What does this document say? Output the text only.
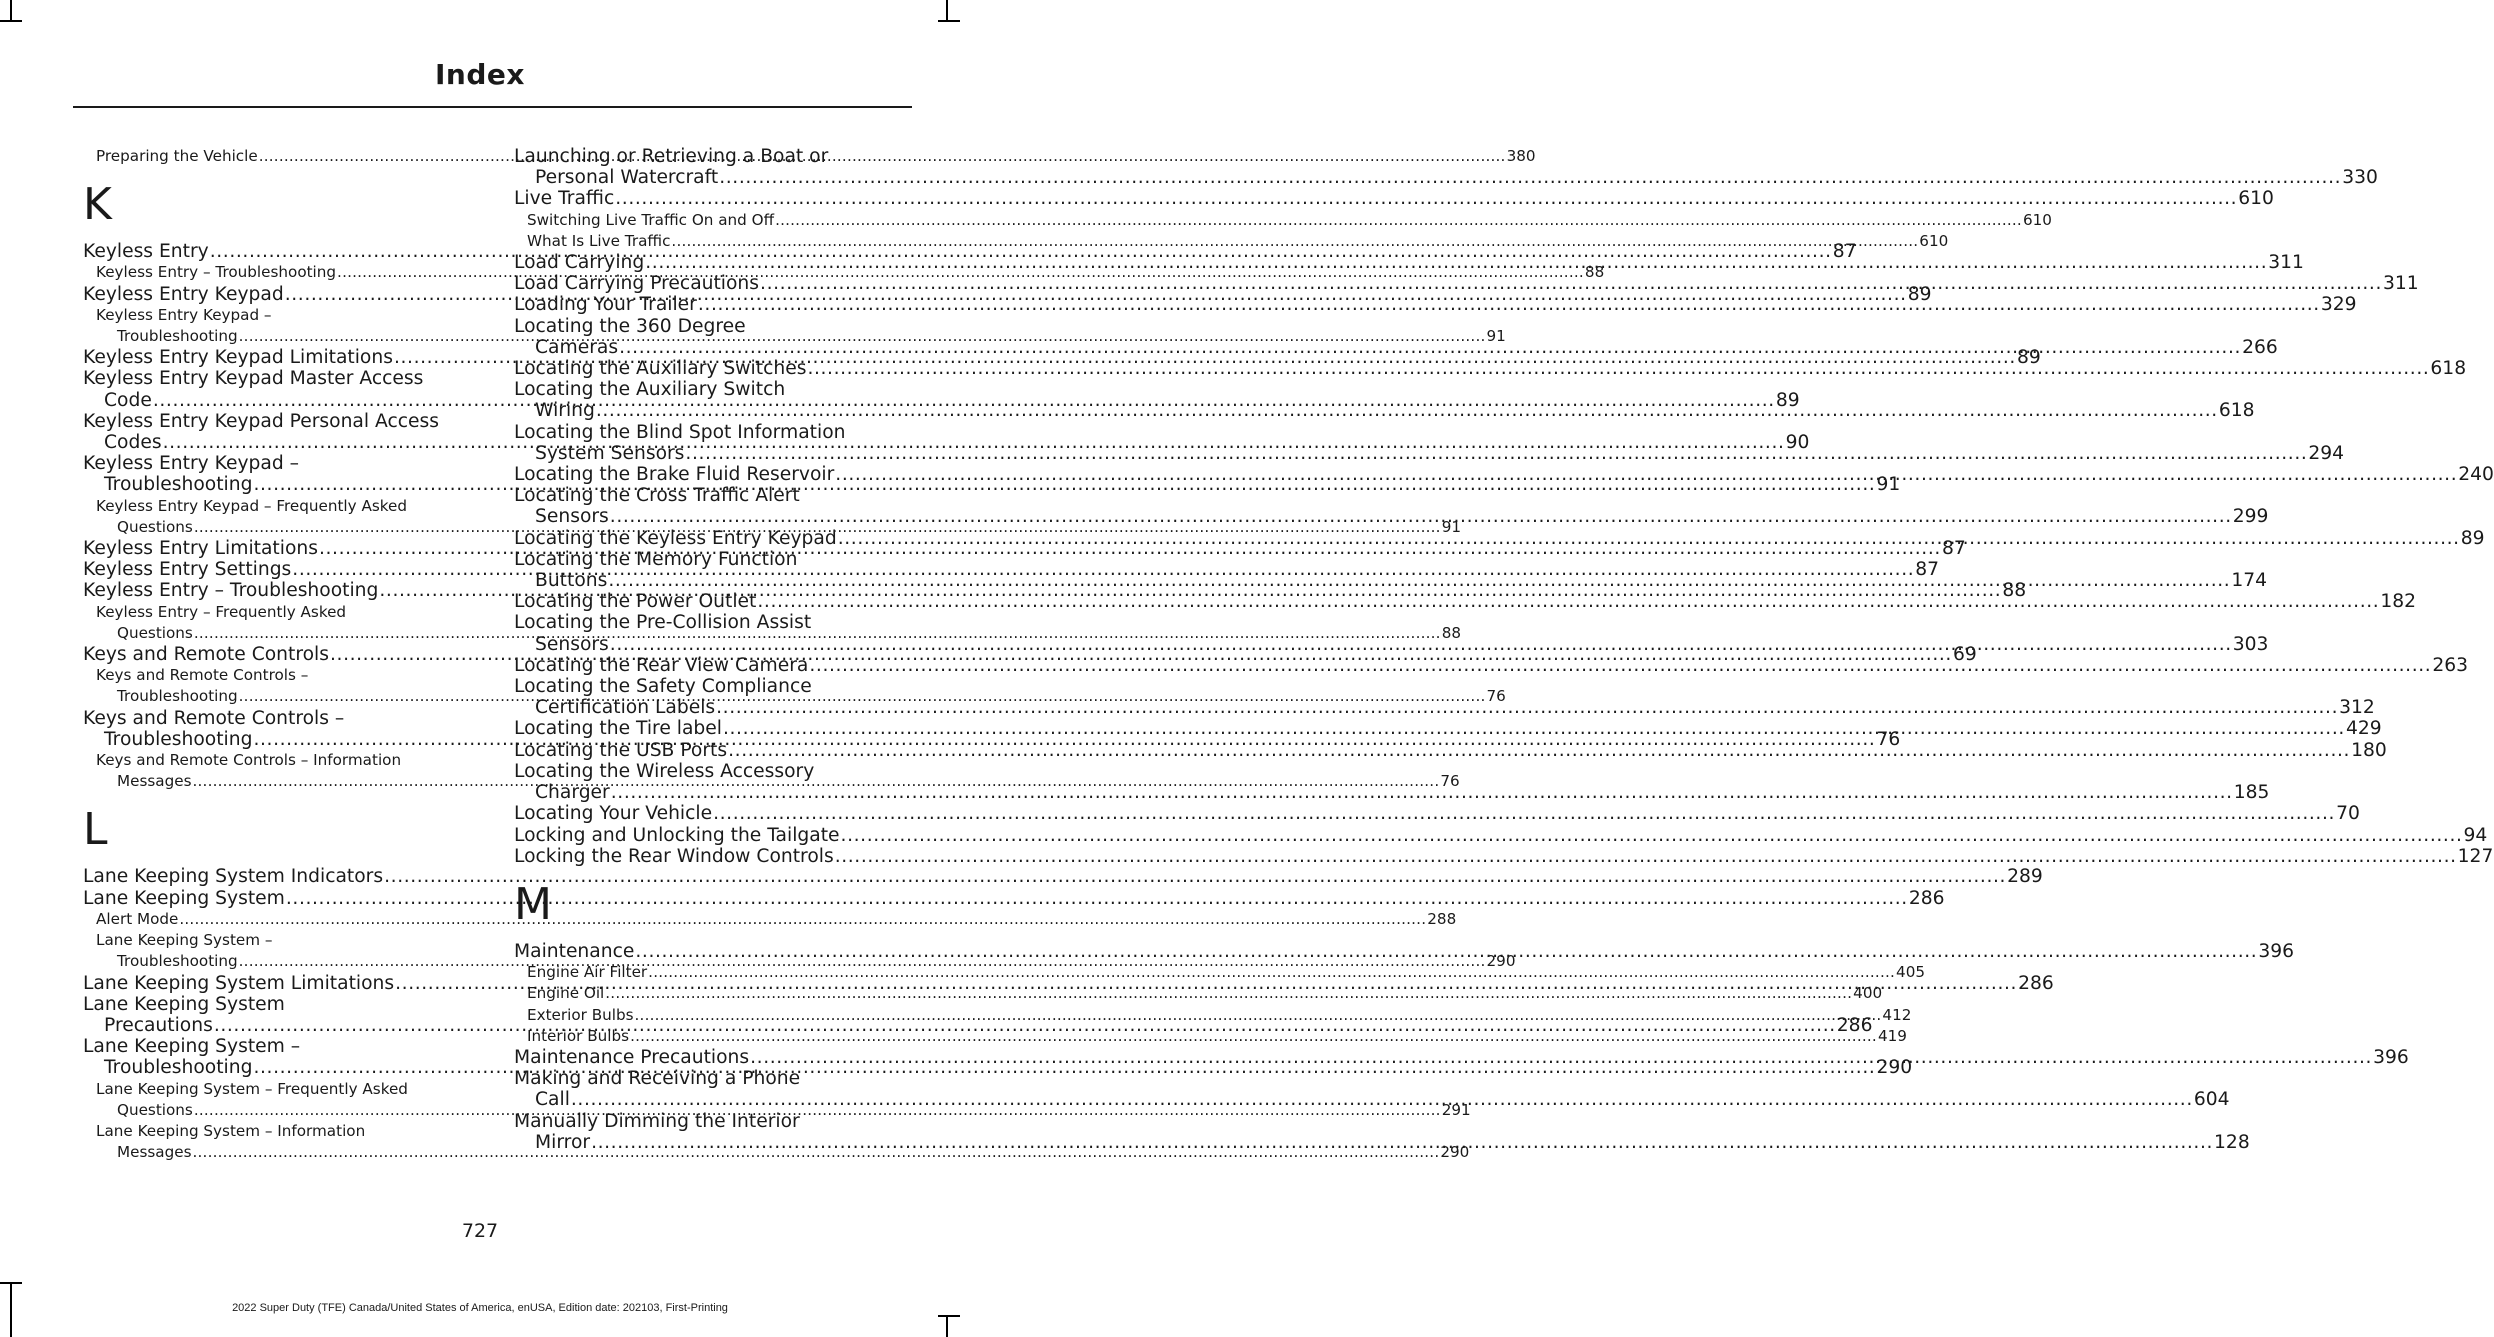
Index
Preparing the Vehicle .....	380
K
Keyless Entry .....	87
Keyless Entry – Troubleshooting .....	88
Keyless Entry Keypad .....	89
Keyless Entry Keypad –
Troubleshooting .....	91
Keyless Entry Keypad Limitations .....	89
Keyless Entry Keypad Master Access
Code .....	89
Keyless Entry Keypad Personal Access
Codes .....	90
Keyless Entry Keypad –
Troubleshooting .....	91
Keyless Entry Keypad – Frequently Asked
Questions .....	91
Keyless Entry Limitations .....	87
Keyless Entry Settings .....	87
Keyless Entry – Troubleshooting .....	88
Keyless Entry – Frequently Asked
Questions .....	88
Keys and Remote Controls .....	69
Keys and Remote Controls –
Troubleshooting .....	76
Keys and Remote Controls –
Troubleshooting .....	76
Keys and Remote Controls – Information
Messages .....	76
L
Lane Keeping System Indicators .....	289
Lane Keeping System .....	286
Alert Mode .....	288
Lane Keeping System –
Troubleshooting .....	290
Lane Keeping System Limitations .....	286
Lane Keeping System
Precautions .....	286
Lane Keeping System –
Troubleshooting .....	290
Lane Keeping System – Frequently Asked
Questions .....	291
Lane Keeping System – Information
Messages .....	290
Launching or Retrieving a Boat or
Personal Watercraft .....	330
Live Traffic .....	610
Switching Live Traffic On and Off .....	610
What Is Live Traffic .....	610
Load Carrying .....	311
Load Carrying Precautions .....	311
Loading Your Trailer .....	329
Locating the 360 Degree
Cameras .....	266
Locating the Auxiliary Switches .....	618
Locating the Auxiliary Switch
Wiring .....	618
Locating the Blind Spot Information
System Sensors .....	294
Locating the Brake Fluid Reservoir .....	240
Locating the Cross Traffic Alert
Sensors .....	299
Locating the Keyless Entry Keypad .....	89
Locating the Memory Function
Buttons .....	174
Locating the Power Outlet .....	182
Locating the Pre-Collision Assist
Sensors .....	303
Locating the Rear View Camera .....	263
Locating the Safety Compliance
Certification Labels .....	312
Locating the Tire label .....	429
Locating the USB Ports .....	180
Locating the Wireless Accessory
Charger .....	185
Locating Your Vehicle .....	70
Locking and Unlocking the Tailgate .....	94
Locking the Rear Window Controls .....	127
M
Maintenance .....	396
Engine Air Filter .....	405
Engine Oil .....	400
Exterior Bulbs .....	412
Interior Bulbs .....	419
Maintenance Precautions .....	396
Making and Receiving a Phone
Call .....	604
Manually Dimming the Interior
Mirror .....	128
727
2022 Super Duty (TFE) Canada/United States of America, enUSA, Edition date: 202103, First-Printing
